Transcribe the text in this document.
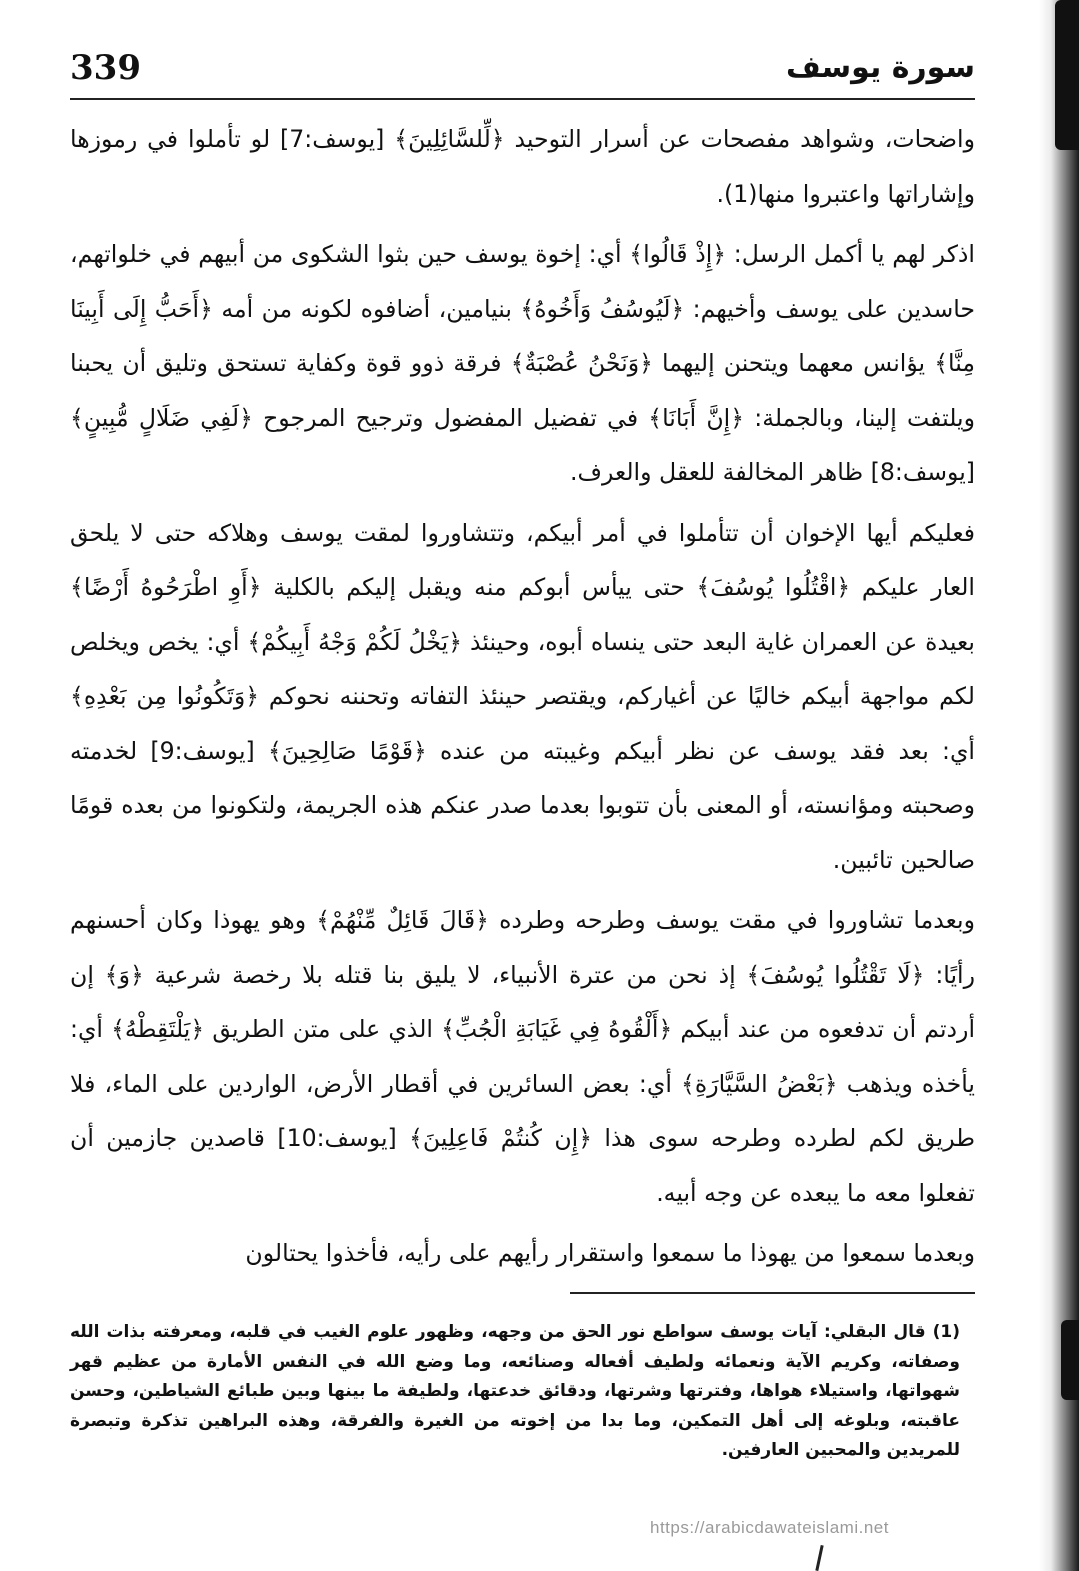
339	سورة يوسف

واضحات، وشواهد مفصحات عن أسرار التوحيد ﴿لِّلسَّائِلِينَ﴾ [يوسف:7] لو تأملوا في رموزها وإشاراتها واعتبروا منها(1).

اذكر لهم يا أكمل الرسل: ﴿إِذْ قَالُوا﴾ أي: إخوة يوسف حين بثوا الشكوى من أبيهم في خلواتهم، حاسدين على يوسف وأخيهم: ﴿لَيُوسُفُ وَأَخُوهُ﴾ بنيامين، أضافوه لكونه من أمه ﴿أَحَبُّ إِلَى أَبِينَا مِنَّا﴾ يؤانس معهما ويتحنن إليهما ﴿وَنَحْنُ عُصْبَةٌ﴾ فرقة ذوو قوة وكفاية تستحق وتليق أن يحبنا ويلتفت إلينا، وبالجملة: ﴿إِنَّ أَبَانَا﴾ في تفضيل المفضول وترجيح المرجوح ﴿لَفِي ضَلَالٍ مُّبِينٍ﴾ [يوسف:8] ظاهر المخالفة للعقل والعرف.

فعليكم أيها الإخوان أن تتأملوا في أمر أبيكم، وتتشاوروا لمقت يوسف وهلاكه حتى لا يلحق العار عليكم ﴿اقْتُلُوا يُوسُفَ﴾ حتى ييأس أبوكم منه ويقبل إليكم بالكلية ﴿أَوِ اطْرَحُوهُ أَرْضًا﴾ بعيدة عن العمران غاية البعد حتى ينساه أبوه، وحينئذ ﴿يَخْلُ لَكُمْ وَجْهُ أَبِيكُمْ﴾ أي: يخص ويخلص لكم مواجهة أبيكم خاليًا عن أغياركم، ويقتصر حينئذ التفاته وتحننه نحوكم ﴿وَتَكُونُوا مِن بَعْدِهِ﴾ أي: بعد فقد يوسف عن نظر أبيكم وغيبته من عنده ﴿قَوْمًا صَالِحِينَ﴾ [يوسف:9] لخدمته وصحبته ومؤانسته، أو المعنى بأن تتوبوا بعدما صدر عنكم هذه الجريمة، ولتكونوا من بعده قومًا صالحين تائبين.

وبعدما تشاوروا في مقت يوسف وطرحه وطرده ﴿قَالَ قَائِلٌ مِّنْهُمْ﴾ وهو يهوذا وكان أحسنهم رأيًا: ﴿لَا تَقْتُلُوا يُوسُفَ﴾ إذ نحن من عترة الأنبياء، لا يليق بنا قتله بلا رخصة شرعية ﴿وَ﴾ إن أردتم أن تدفعوه من عند أبيكم ﴿أَلْقُوهُ فِي غَيَابَةِ الْجُبِّ﴾ الذي على متن الطريق ﴿يَلْتَقِطْهُ﴾ أي: يأخذه ويذهب ﴿بَعْضُ السَّيَّارَةِ﴾ أي: بعض السائرين في أقطار الأرض، الواردين على الماء، فلا طريق لكم لطرده وطرحه سوى هذا ﴿إِن كُنتُمْ فَاعِلِينَ﴾ [يوسف:10] قاصدين جازمين أن تفعلوا معه ما يبعده عن وجه أبيه.

وبعدما سمعوا من يهوذا ما سمعوا واستقرار رأيهم على رأيه، فأخذوا يحتالون

(1) قال البقلي: آيات يوسف سواطع نور الحق من وجهه، وظهور علوم الغيب في قلبه، ومعرفته بذات الله وصفاته، وكريم الآية ونعمائه ولطيف أفعاله وصنائعه، وما وضع الله في النفس الأمارة من عظيم قهر شهواتها، واستيلاء هواها، وفترتها وشرتها، ودقائق خدعتها، ولطيفة ما بينها وبين طبائع الشياطين، وحسن عاقبته، وبلوغه إلى أهل التمكين، وما بدا من إخوته من الغيرة والفرقة، وهذه البراهين تذكرة وتبصرة للمريدين والمحبين العارفين.
https://arabicdawateislami.net
